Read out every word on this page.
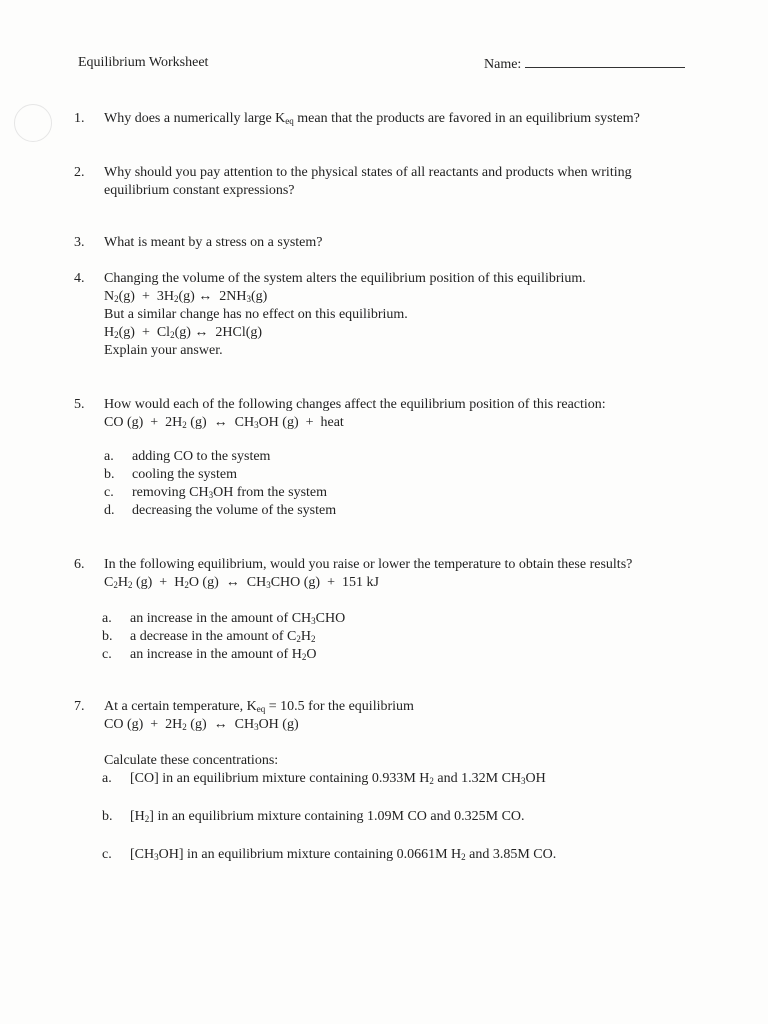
Equilibrium Worksheet	Name:
1.	Why does a numerically large $K_{eq}$ mean that the products are favored in an equilibrium system?
2.	Why should you pay attention to the physical states of all reactants and products when writing
equilibrium constant expressions?
3.	What is meant by a stress on a system?
4.	Changing the volume of the system alters the equilibrium position of this equilibrium.
$N_2(g) + 3H_2(g)$ ↔  $2NH_3(g)$
But a similar change has no effect on this equilibrium.
$H_2(g) + Cl_2(g)$ ↔  2HCl(g)
Explain your answer.
5.	How would each of the following changes affect the equilibrium position of this reaction:
CO $(g) + 2H_2$ (g)  ↔  $CH_3OH$ (g)  +  heat
a.	adding CO to the system
b.	cooling the system
c.	removing $CH_3OH$ from the system
d.	decreasing the volume of the system
6.	In the following equilibrium, would you raise or lower the temperature to obtain these results?
$C_2H_2$ $(g) + H_2O$ (g)  ↔  $CH_3CHO$ (g)  +  151 kJ
a.	an increase in the amount of $CH_3CHO$
b.	a decrease in the amount of $C_2H_2$
c.	an increase in the amount of $H_2O$
7.	At a certain temperature, $K_{eq} = 10.5$ for the equilibrium
CO $(g) + 2H_2$ (g)  ↔  $CH_3OH$ (g)
Calculate these concentrations:
a.	[CO] in an equilibrium mixture containing 0.933M $H_2$ and 1.32M $CH_3OH$
b.	$[H_2]$ in an equilibrium mixture containing 1.09M CO and 0.325M CO.
c.	$[CH_3OH]$ in an equilibrium mixture containing 0.0661M $H_2$ and 3.85M CO.
